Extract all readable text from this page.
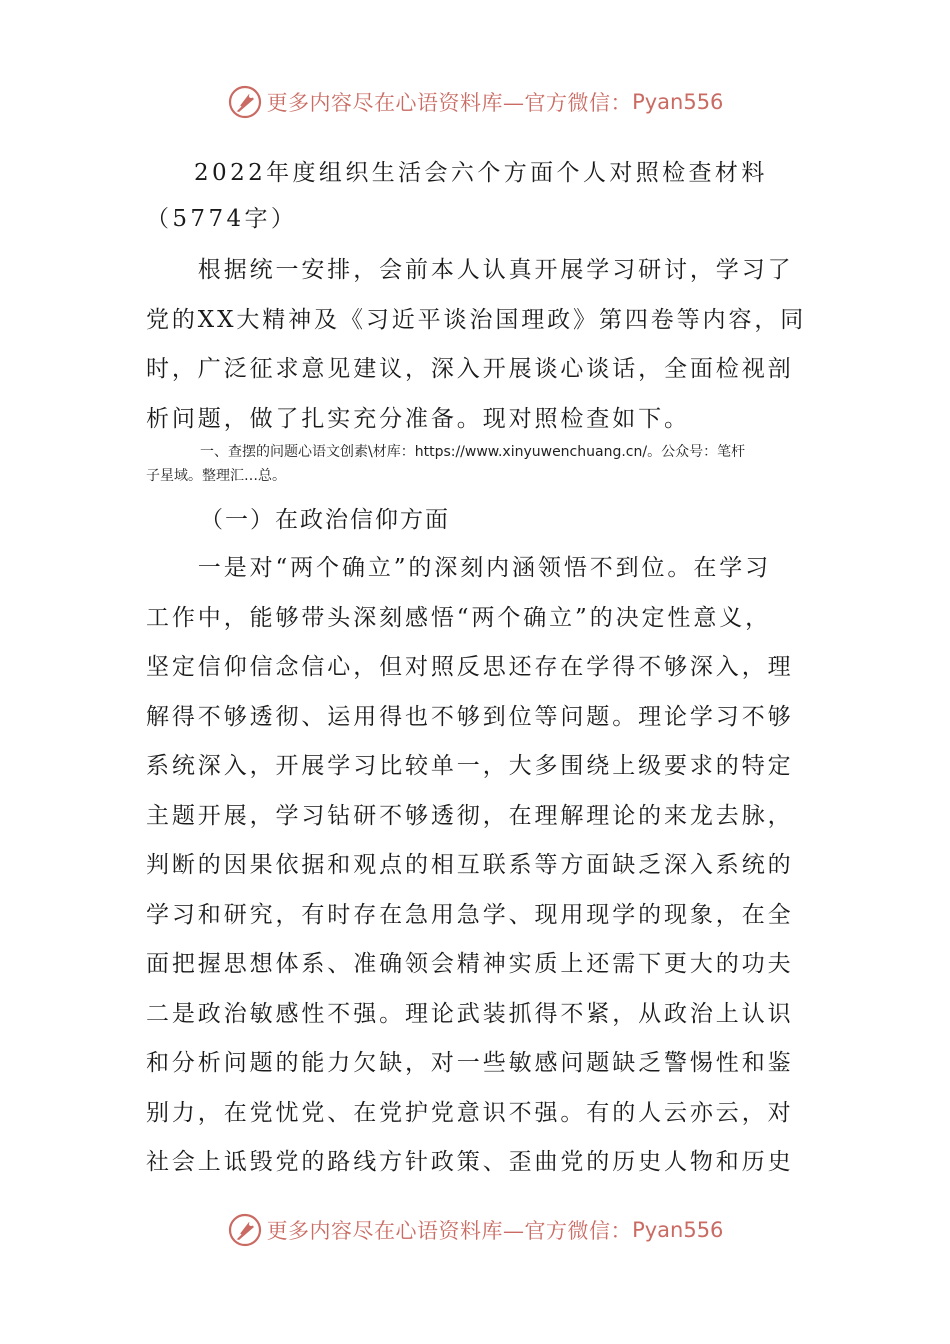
更多内容尽在心语资料库—官方微信： Pyan556
2022年度组织生活会六个方面个人对照检查材料
（5774字）
　　根据统一安排，会前本人认真开展学习研讨，学习了
党的XX大精神及《习近平谈治国理政》第四卷等内容，同
时，广泛征求意见建议，深入开展谈心谈话，全面检视剖
析问题，做了扎实充分准备。现对照检查如下。
一、查摆的问题心语文创素\材库：https://www.xinyuwenchuang.cn/。公众号：笔杆
子星域。整理汇…总。
（一）在政治信仰方面
　　一是对“两个确立”的深刻内涵领悟不到位。在学习
工作中，能够带头深刻感悟“两个确立”的决定性意义，
坚定信仰信念信心，但对照反思还存在学得不够深入，理
解得不够透彻、运用得也不够到位等问题。理论学习不够
系统深入，开展学习比较单一，大多围绕上级要求的特定
主题开展，学习钻研不够透彻，在理解理论的来龙去脉，
判断的因果依据和观点的相互联系等方面缺乏深入系统的
学习和研究，有时存在急用急学、现用现学的现象，在全
面把握思想体系、准确领会精神实质上还需下更大的功夫
二是政治敏感性不强。理论武装抓得不紧，从政治上认识
和分析问题的能力欠缺，对一些敏感问题缺乏警惕性和鉴
别力，在党忧党、在党护党意识不强。有的人云亦云，对
社会上诋毁党的路线方针政策、歪曲党的历史人物和历史
更多内容尽在心语资料库—官方微信： Pyan556
